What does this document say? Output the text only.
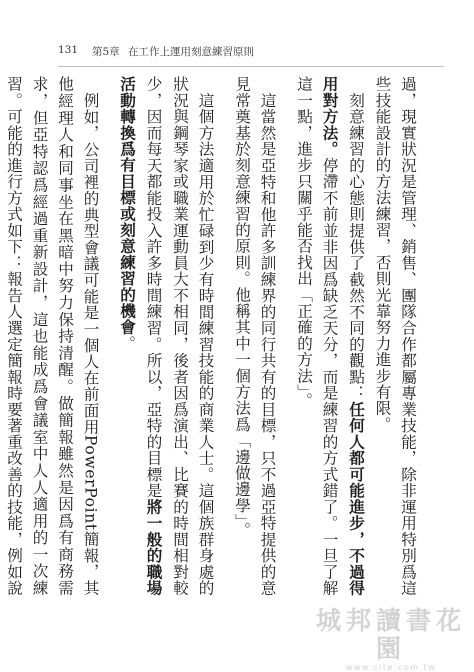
131 第5章 在工作上運用刻意練習原則

過，現實狀況是管理、銷售、團隊合作都屬專業技能，除非運用特別爲這些技能設計的方法練習，否則光靠努力進步有限。

　刻意練習的心態則提供了截然不同的觀點：任何人都可能進步，不過得用對方法。停滯不前並非因爲缺乏天分，而是練習的方式錯了。一旦了解這一點，進步只關乎能否找出「正確的方法」。

　這當然是亞特和他許多訓練界的同行共有的目標，只不過亞特提供的意見常奠基於刻意練習的原則。他稱其中一個方法爲「邊做邊學」。

　這個方法適用於忙碌到少有時間練習技能的商業人士。這個族群身處的狀況與鋼琴家或職業運動員大不相同，後者因爲演出、比賽的時間相對較少，因而每天都能投入許多時間練習。所以，亞特的目標是將一般的職場活動轉換爲有目標或刻意練習的機會。

　例如，公司裡的典型會議可能是一個人在前面用PowerPoint簡報，其他經理人和同事坐在黑暗中努力保持清醒。做簡報雖然是因爲有商務需求，但亞特認爲經過重新設計，這也能成爲會議室中人人適用的一次練習。可能的進行方式如下：報告人選定簡報時要著重改善的技能，例如說

城邦讀書花園
www.cite.com.tw
